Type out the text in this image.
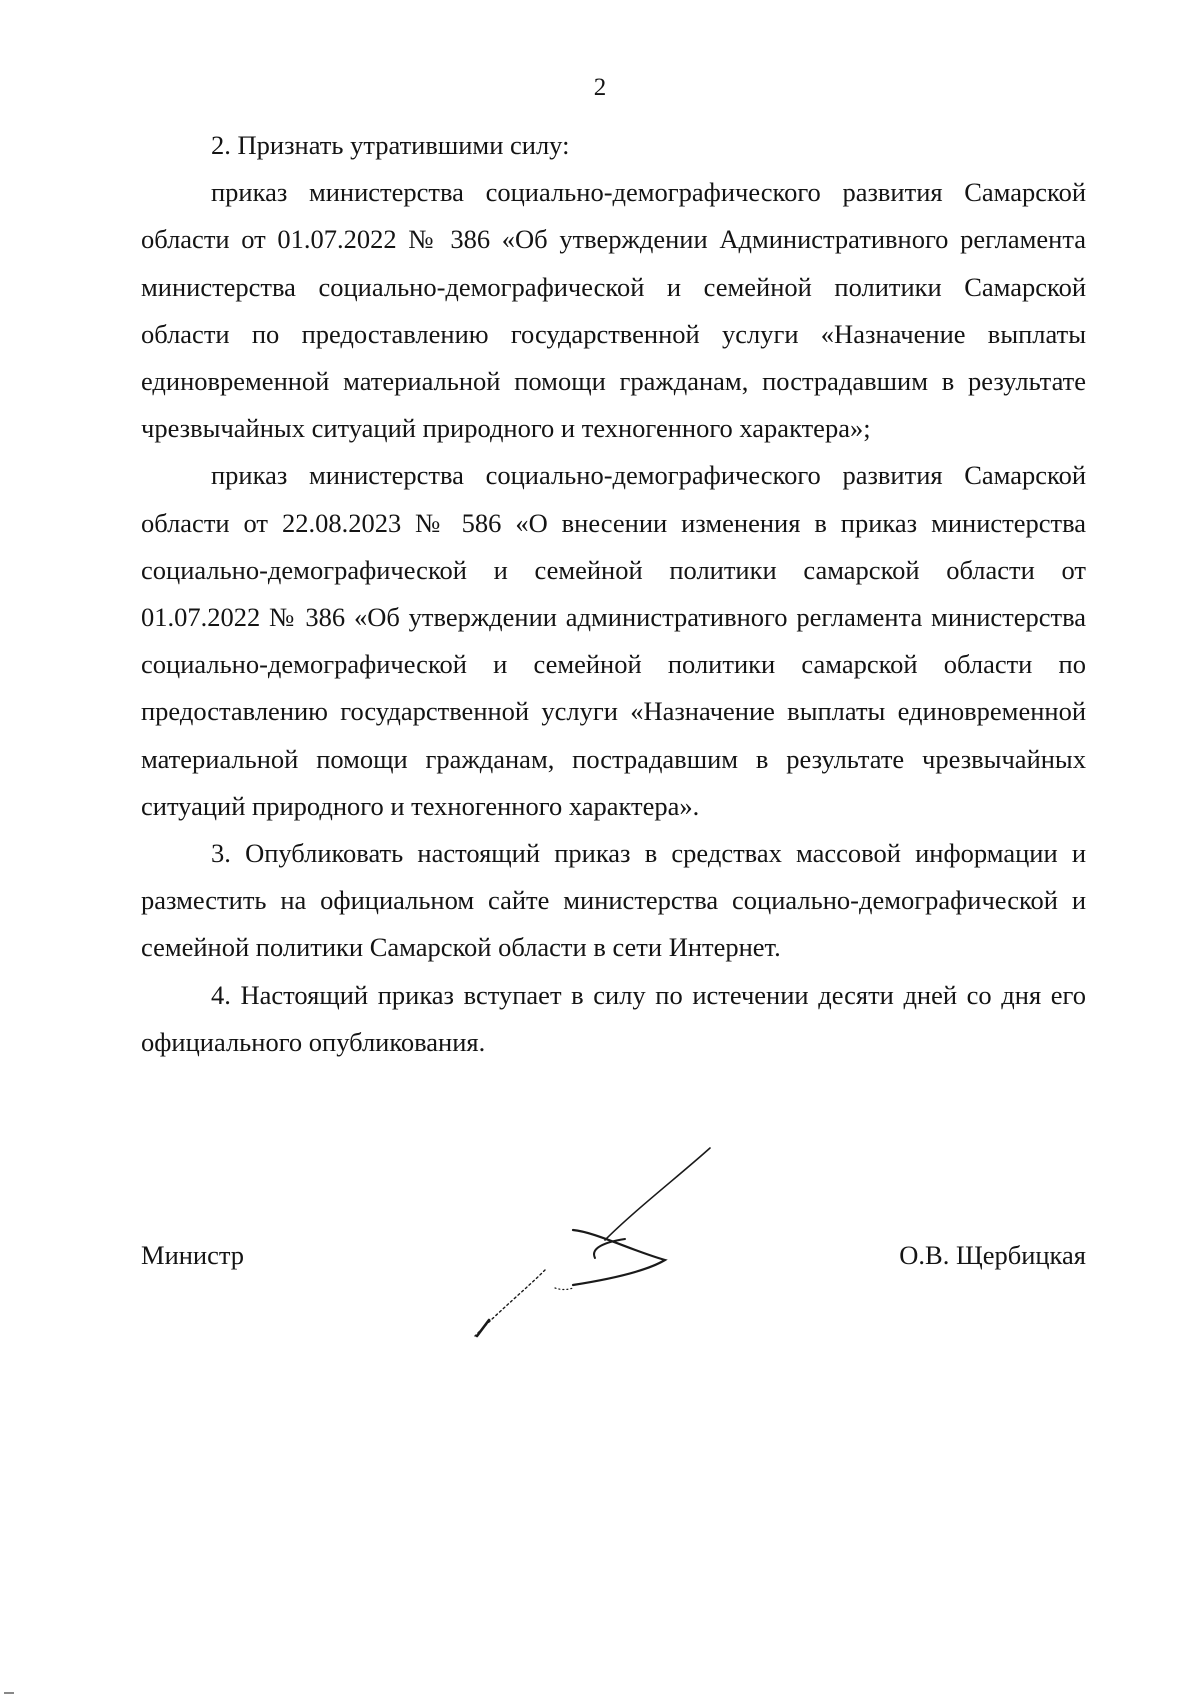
2

2. Признать утратившими силу:

приказ министерства социально-демографического развития Самарской области от 01.07.2022 № 386 «Об утверждении Административного регламента министерства социально-демографической и семейной политики Самарской области по предоставлению государственной услуги «Назначение выплаты единовременной материальной помощи гражданам, пострадавшим в результате чрезвычайных ситуаций природного и техногенного характера»;

приказ министерства социально-демографического развития Самарской области от 22.08.2023 № 586 «О внесении изменения в приказ министерства социально-демографической и семейной политики самарской области от 01.07.2022 № 386 «Об утверждении административного регламента министерства социально-демографической и семейной политики самарской области по предоставлению государственной услуги «Назначение выплаты единовременной материальной помощи гражданам, пострадавшим в результате чрезвычайных ситуаций природного и техногенного характера».

3. Опубликовать настоящий приказ в средствах массовой информации и разместить на официальном сайте министерства социально-демографической и семейной политики Самарской области в сети Интернет.

4. Настоящий приказ вступает в силу по истечении десяти дней со дня его официального опубликования.

Министр	О.В. Щербицкая
